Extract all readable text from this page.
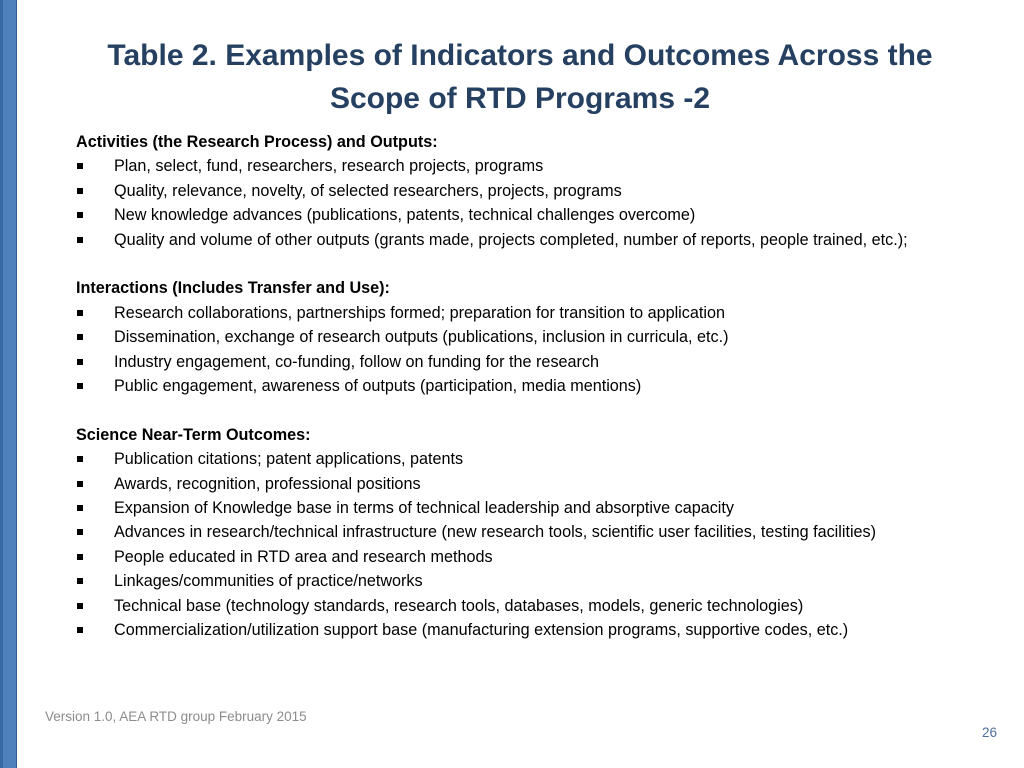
Table 2. Examples of Indicators and Outcomes Across the Scope of RTD Programs -2

Activities (the Research Process) and Outputs:

Plan, select, fund, researchers, research projects, programs
Quality, relevance, novelty, of selected researchers, projects, programs
New knowledge advances (publications, patents, technical challenges overcome)
Quality and volume of other outputs (grants made, projects completed, number of reports, people trained, etc.);

Interactions (Includes Transfer and Use):

Research collaborations, partnerships formed; preparation for transition to application
Dissemination, exchange of research outputs (publications, inclusion in curricula, etc.)
Industry engagement, co-funding, follow on funding for the research
Public engagement, awareness of outputs (participation, media mentions)

Science Near-Term Outcomes:

Publication citations; patent applications, patents
Awards, recognition, professional positions
Expansion of Knowledge base in terms of technical leadership and absorptive capacity
Advances in research/technical infrastructure (new research tools, scientific user facilities, testing facilities)
People educated in RTD area and research methods
Linkages/communities of practice/networks
Technical base (technology standards, research tools, databases, models, generic technologies)
Commercialization/utilization support base (manufacturing extension programs, supportive codes, etc.)
Version 1.0, AEA RTD group February 2015
26
